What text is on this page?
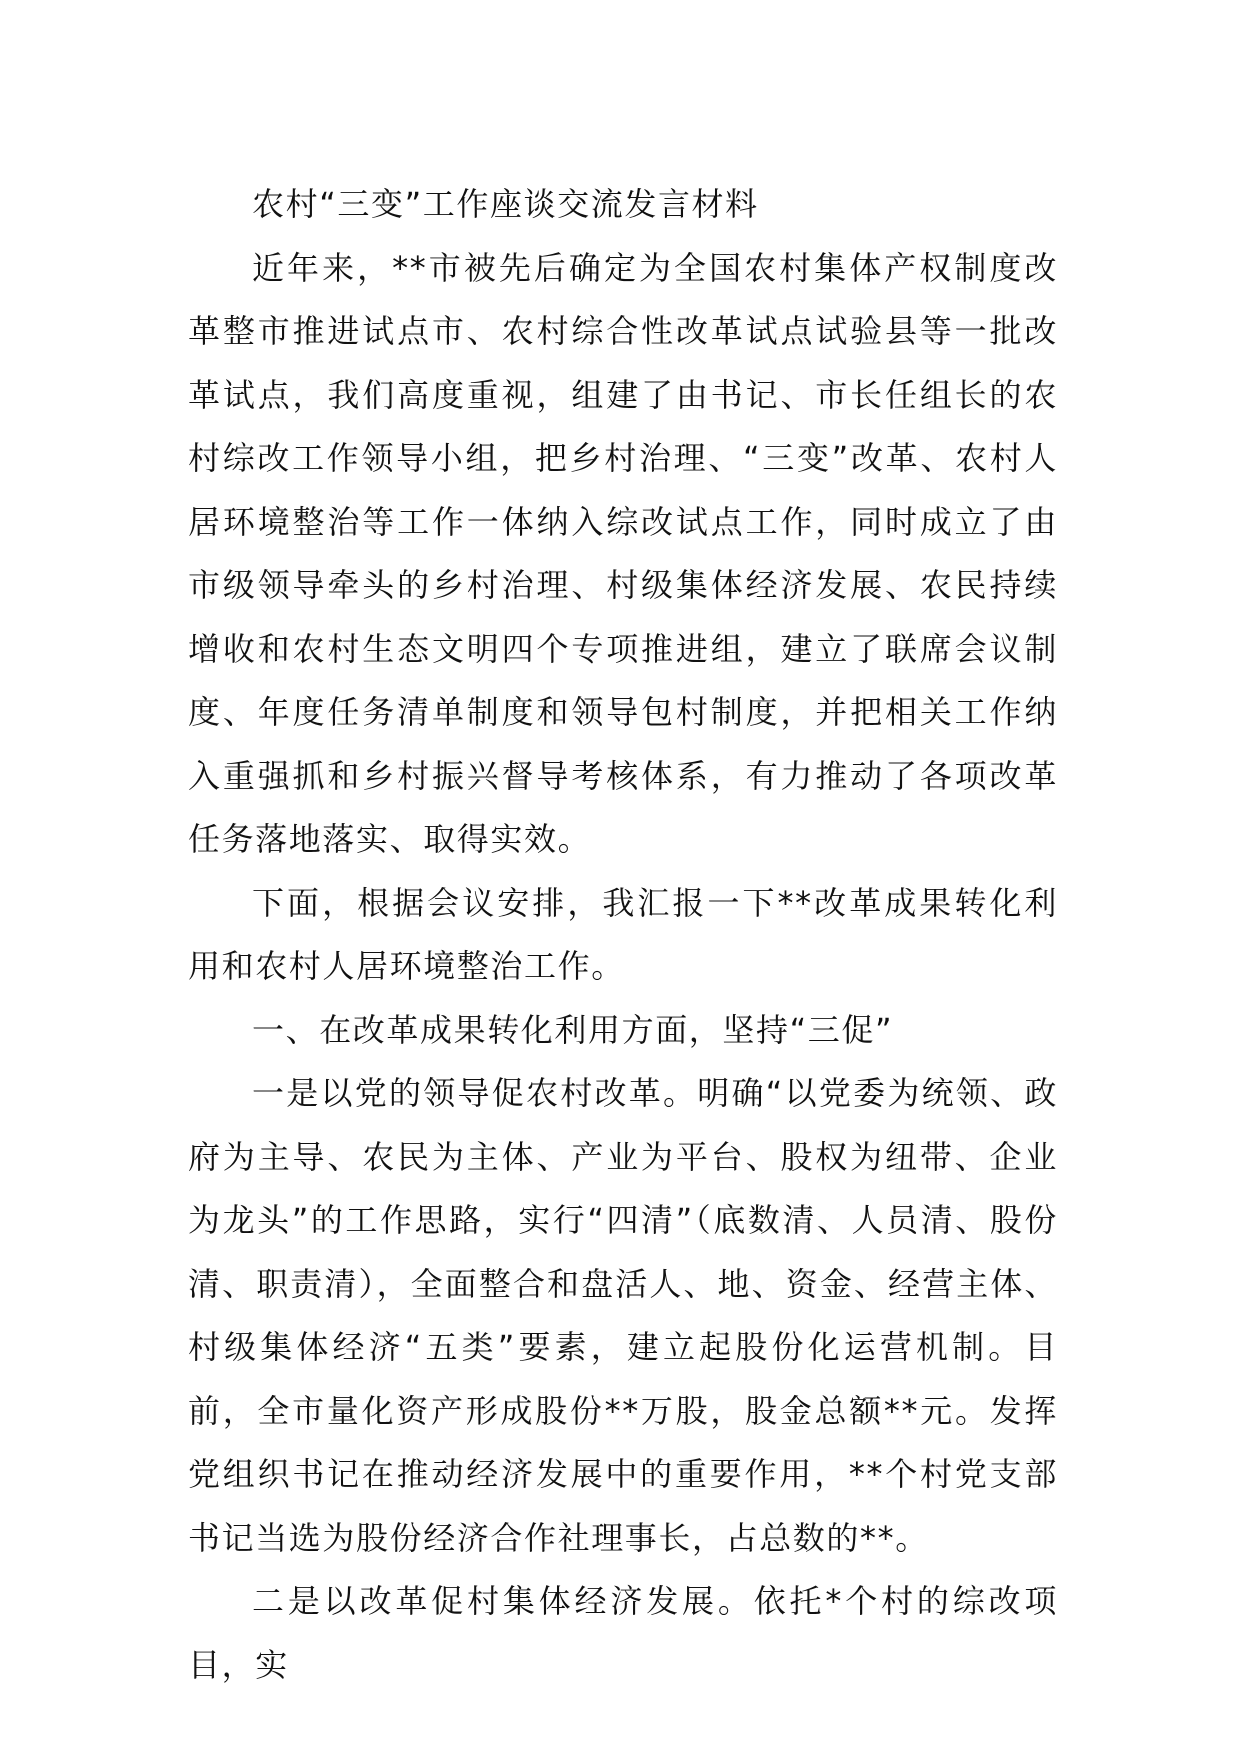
农村“三变”工作座谈交流发言材料

近年来，**市被先后确定为全国农村集体产权制度改革整市推进试点市、农村综合性改革试点试验县等一批改革试点，我们高度重视，组建了由书记、市长任组长的农村综改工作领导小组，把乡村治理、“三变”改革、农村人居环境整治等工作一体纳入综改试点工作，同时成立了由市级领导牵头的乡村治理、村级集体经济发展、农民持续增收和农村生态文明四个专项推进组，建立了联席会议制度、年度任务清单制度和领导包村制度，并把相关工作纳入重强抓和乡村振兴督导考核体系，有力推动了各项改革任务落地落实、取得实效。

下面，根据会议安排，我汇报一下**改革成果转化利用和农村人居环境整治工作。

一、在改革成果转化利用方面，坚持“三促”

一是以党的领导促农村改革。明确“以党委为统领、政府为主导、农民为主体、产业为平台、股权为纽带、企业为龙头”的工作思路，实行“四清”（底数清、人员清、股份清、职责清），全面整合和盘活人、地、资金、经营主体、村级集体经济“五类”要素，建立起股份化运营机制。目前，全市量化资产形成股份**万股，股金总额**元。发挥党组织书记在推动经济发展中的重要作用，**个村党支部书记当选为股份经济合作社理事长，占总数的**。

二是以改革促村集体经济发展。依托*个村的综改项目，实
